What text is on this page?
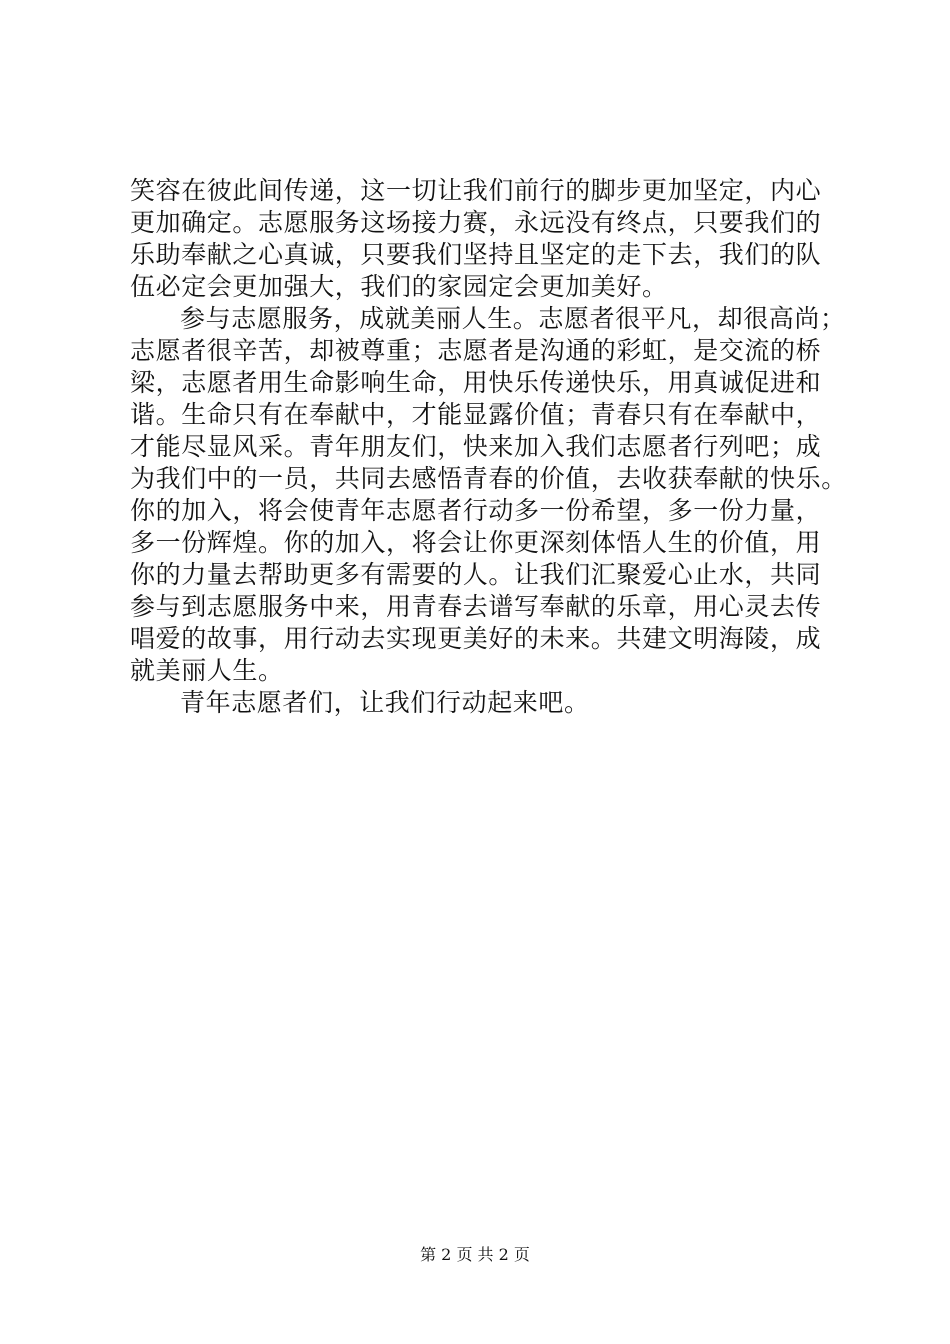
笑容在彼此间传递，这一切让我们前行的脚步更加坚定，内心
更加确定。志愿服务这场接力赛，永远没有终点，只要我们的
乐助奉献之心真诚，只要我们坚持且坚定的走下去，我们的队
伍必定会更加强大，我们的家园定会更加美好。
参与志愿服务，成就美丽人生。志愿者很平凡，却很高尚；
志愿者很辛苦，却被尊重；志愿者是沟通的彩虹，是交流的桥
梁，志愿者用生命影响生命，用快乐传递快乐，用真诚促进和
谐。生命只有在奉献中，才能显露价值；青春只有在奉献中，
才能尽显风采。青年朋友们，快来加入我们志愿者行列吧；成
为我们中的一员，共同去感悟青春的价值，去收获奉献的快乐。
你的加入，将会使青年志愿者行动多一份希望，多一份力量，
多一份辉煌。你的加入，将会让你更深刻体悟人生的价值，用
你的力量去帮助更多有需要的人。让我们汇聚爱心止水，共同
参与到志愿服务中来，用青春去谱写奉献的乐章，用心灵去传
唱爱的故事，用行动去实现更美好的未来。共建文明海陵，成
就美丽人生。
青年志愿者们，让我们行动起来吧。
第 2 页 共 2 页
